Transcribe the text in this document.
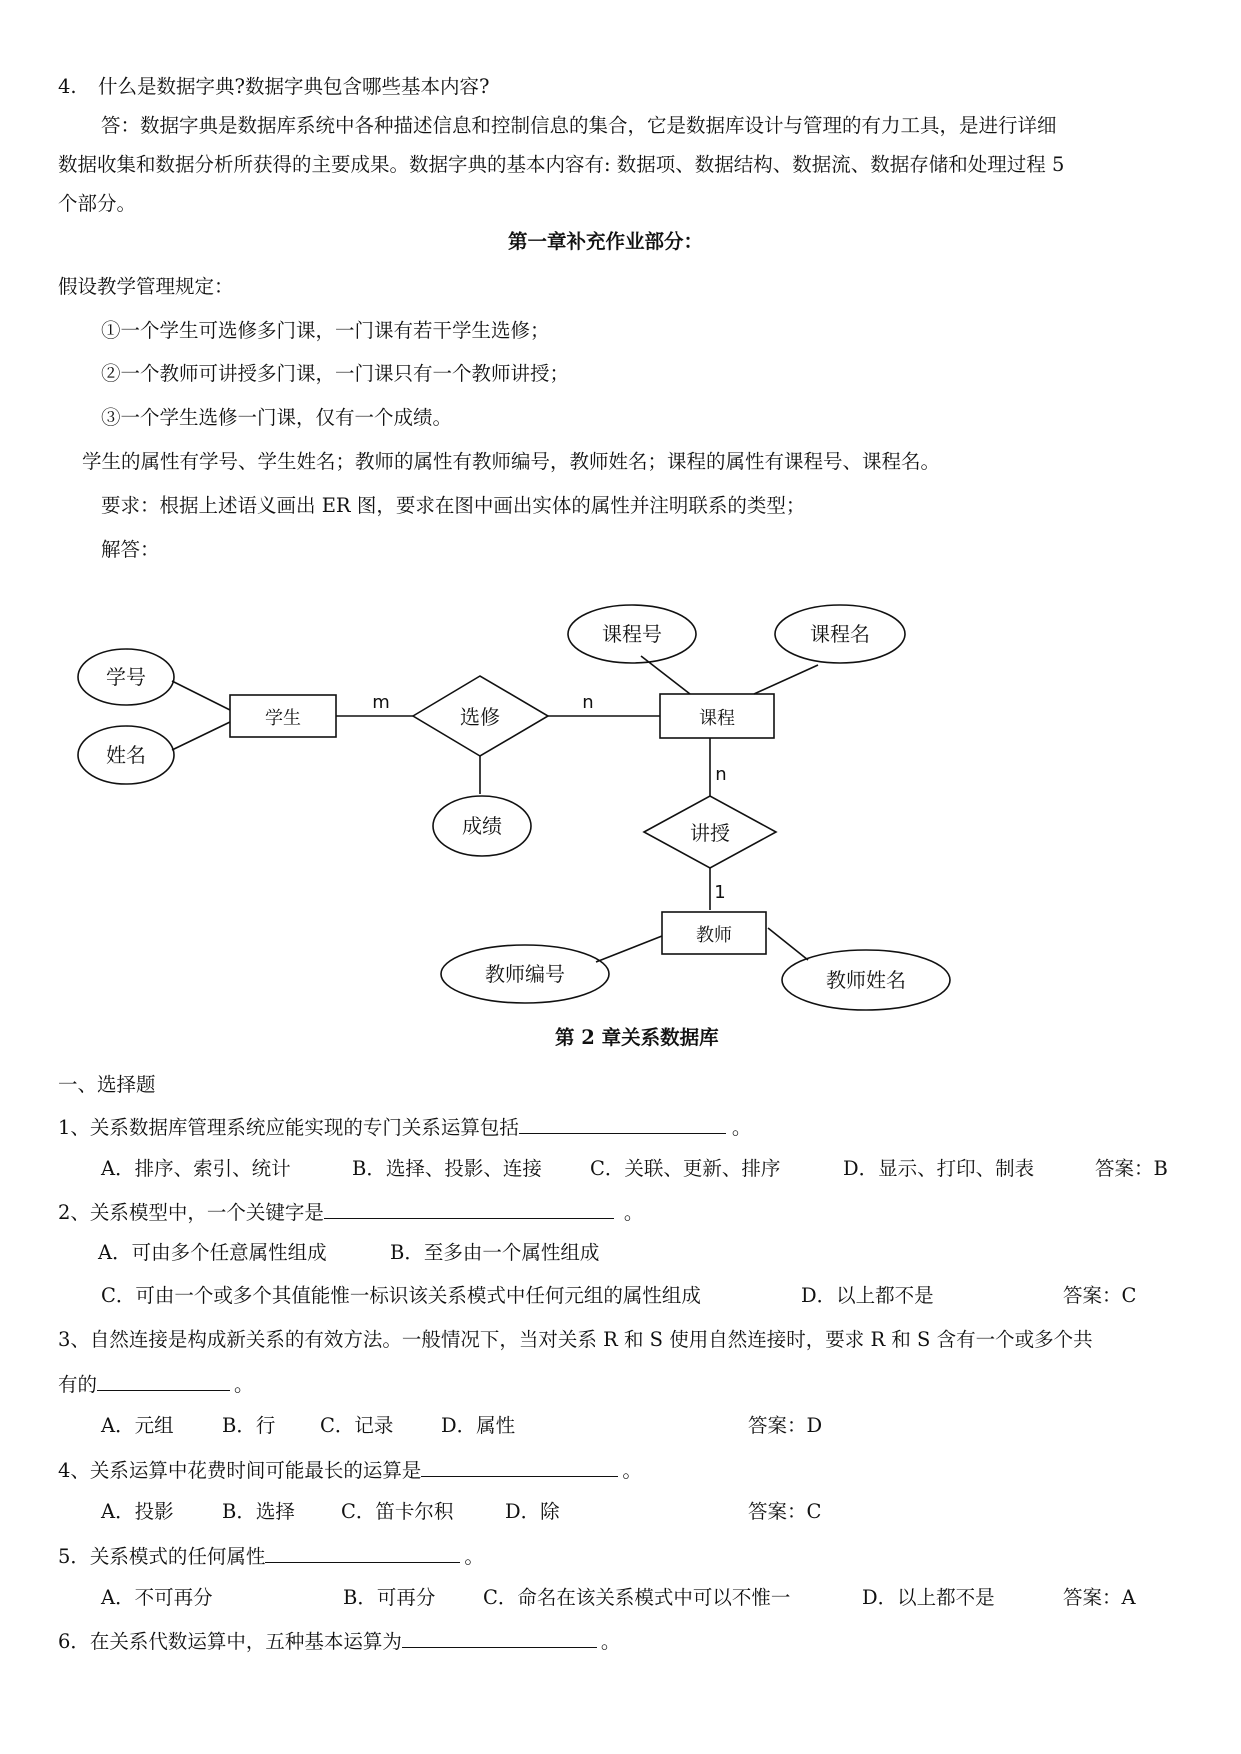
4. 什么是数据字典?数据字典包含哪些基本内容?
答：数据字典是数据库系统中各种描述信息和控制信息的集合，它是数据库设计与管理的有力工具，是进行详细
数据收集和数据分析所获得的主要成果。数据字典的基本内容有: 数据项、数据结构、数据流、数据存储和处理过程 5
个部分。
第一章补充作业部分：
假设教学管理规定：
①一个学生可选修多门课，一门课有若干学生选修；
②一个教师可讲授多门课，一门课只有一个教师讲授；
③一个学生选修一门课，仅有一个成绩。
学生的属性有学号、学生姓名；教师的属性有教师编号，教师姓名；课程的属性有课程号、课程名。
要求：根据上述语义画出 ER 图，要求在图中画出实体的属性并注明联系的类型；
解答：
学生	课程
教师
选修
讲授
学号
姓名
课程号	课程名
成绩
教师编号	教师姓名
m	n
n
1
第 2 章关系数据库
一、选择题
1、关系数据库管理系统应能实现的专门关系运算包括	。
A．排序、索引、统计	B．选择、投影、连接 C．关联、更新、排序	D．显示、打印、制表	答案：B
2、关系模型中，一个关键字是	。
A．可由多个任意属性组成	B．至多由一个属性组成
C．可由一个或多个其值能惟一标识该关系模式中任何元组的属性组成	D．以上都不是	答案：C
3、自然连接是构成新关系的有效方法。一般情况下，当对关系 R 和 S 使用自然连接时，要求 R 和 S 含有一个或多个共
有的	。
A．元组 B．行 C．记录 D．属性	答案：D
4、关系运算中花费时间可能最长的运算是	。
A．投影 B．选择 C．笛卡尔积	D．除	答案：C
5．关系模式的任何属性	。
A．不可再分	B．可再分 C．命名在该关系模式中可以不惟一	D．以上都不是	答案：A
6．在关系代数运算中，五种基本运算为	。
